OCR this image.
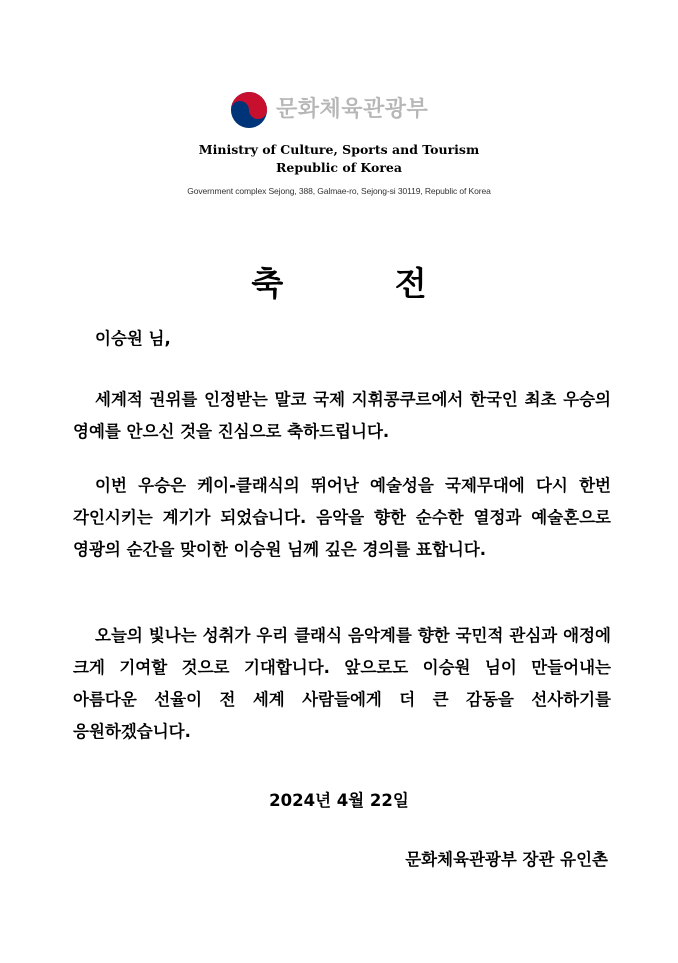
문화체육관광부
Ministry of Culture, Sports and Tourism
Republic of Korea
Government complex Sejong, 388, Galmae-ro, Sejong-si 30119, Republic of Korea
축 전
이승원 님,

세계적 권위를 인정받는 말코 국제 지휘콩쿠르에서 한국인 최초 우승의 영예를 안으신 것을 진심으로 축하드립니다.

이번 우승은 케이-클래식의 뛰어난 예술성을 국제무대에 다시 한번 각인시키는 계기가 되었습니다. 음악을 향한 순수한 열정과 예술혼으로 영광의 순간을 맞이한 이승원 님께 깊은 경의를 표합니다.

오늘의 빛나는 성취가 우리 클래식 음악계를 향한 국민적 관심과 애정에 크게 기여할 것으로 기대합니다. 앞으로도 이승원 님이 만들어내는 아름다운 선율이 전 세계 사람들에게 더 큰 감동을 선사하기를 응원하겠습니다.

2024년 4월 22일
문화체육관광부 장관 유인촌
